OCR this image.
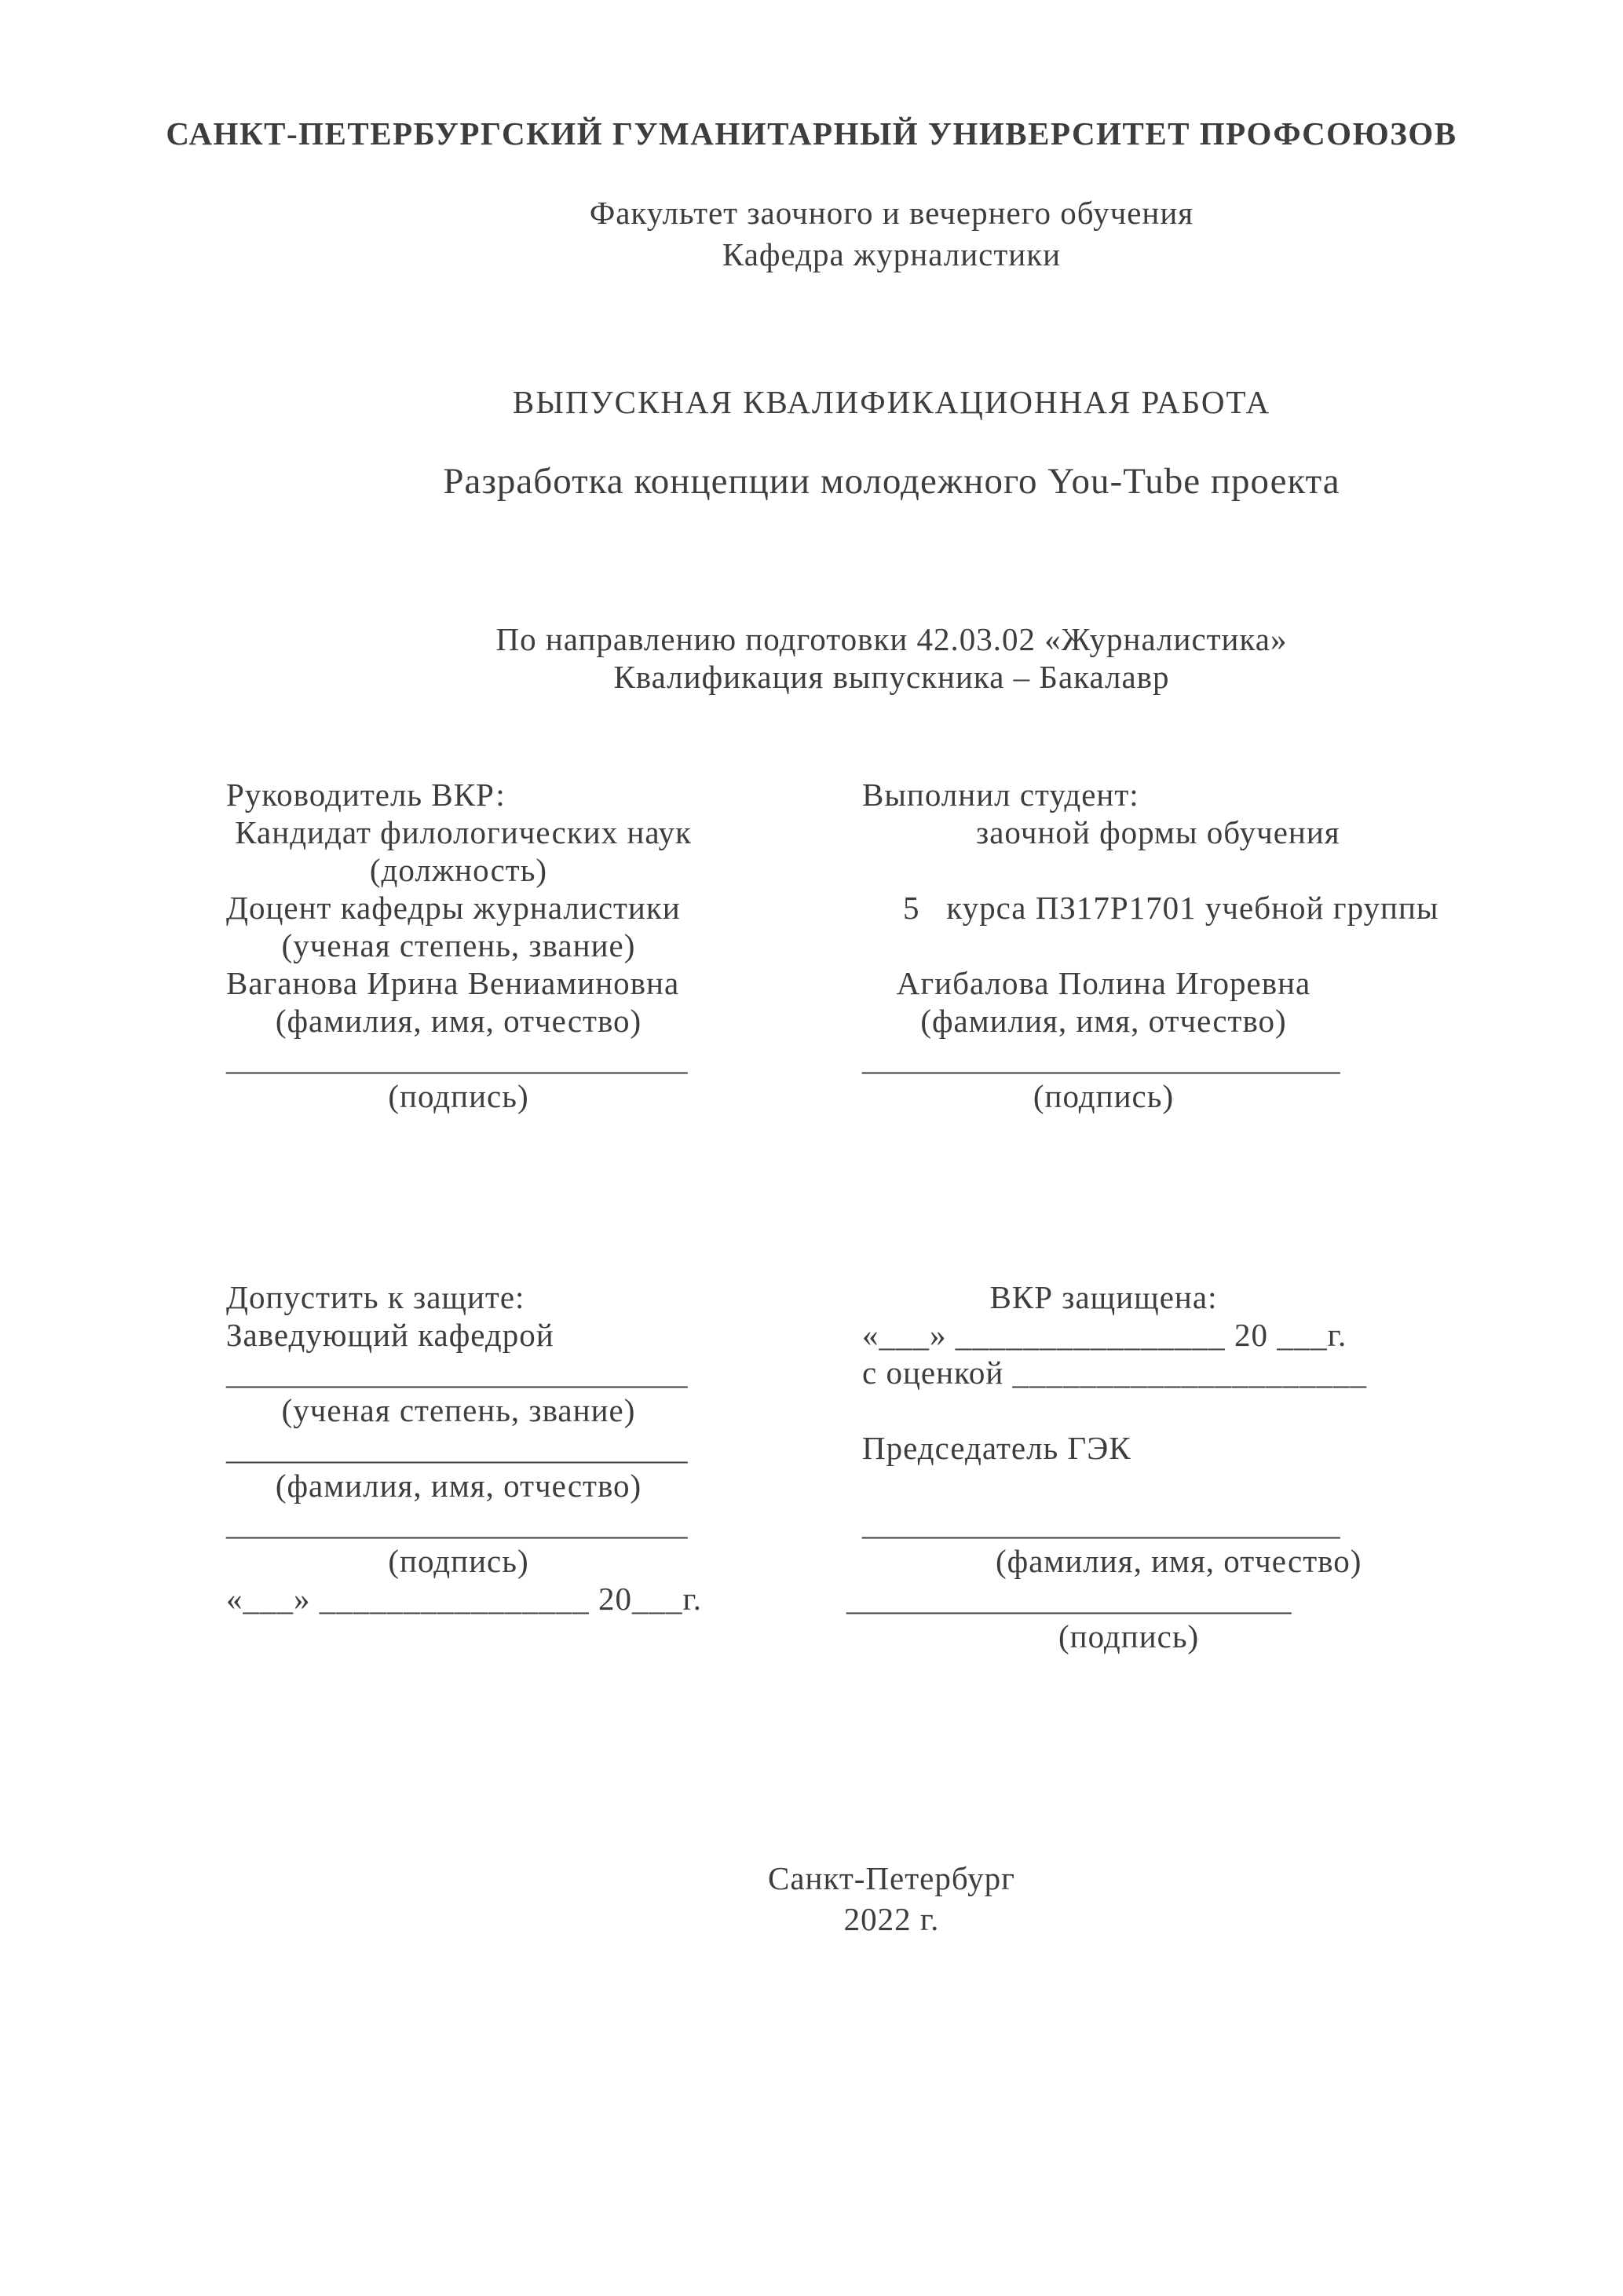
САНКТ-ПЕТЕРБУРГСКИЙ ГУМАНИТАРНЫЙ УНИВЕРСИТЕТ ПРОФСОЮЗОВ
Факультет заочного и вечернего обучения
Кафедра журналистики
ВЫПУСКНАЯ КВАЛИФИКАЦИОННАЯ РАБОТА
Разработка концепции молодежного You-Tube проекта
По направлению подготовки 42.03.02 «Журналистика»
Квалификация выпускника – Бакалавр
Руководитель ВКР:
Кандидат филологических наук
(должность)
Доцент кафедры журналистики
(ученая степень, звание)
Ваганова Ирина Вениаминовна
(фамилия, имя, отчество)
____________________________
(подпись)
Выполнил студент:
заочной формы обучения
5   курса ПЗ17Р1701 учебной группы
Агибалова Полина Игоревна
(фамилия, имя, отчество)
_____________________________
(подпись)
Допустить к защите:
Заведующий кафедрой
____________________________
(ученая степень, звание)
____________________________
(фамилия, имя, отчество)
____________________________
(подпись)
«___» ________________ 20___г.
ВКР защищена:
«___» ________________ 20 ___г.
с оценкой _____________________
Председатель ГЭК
_____________________________
(фамилия, имя, отчество)
___________________________
(подпись)
Санкт-Петербург
2022 г.
